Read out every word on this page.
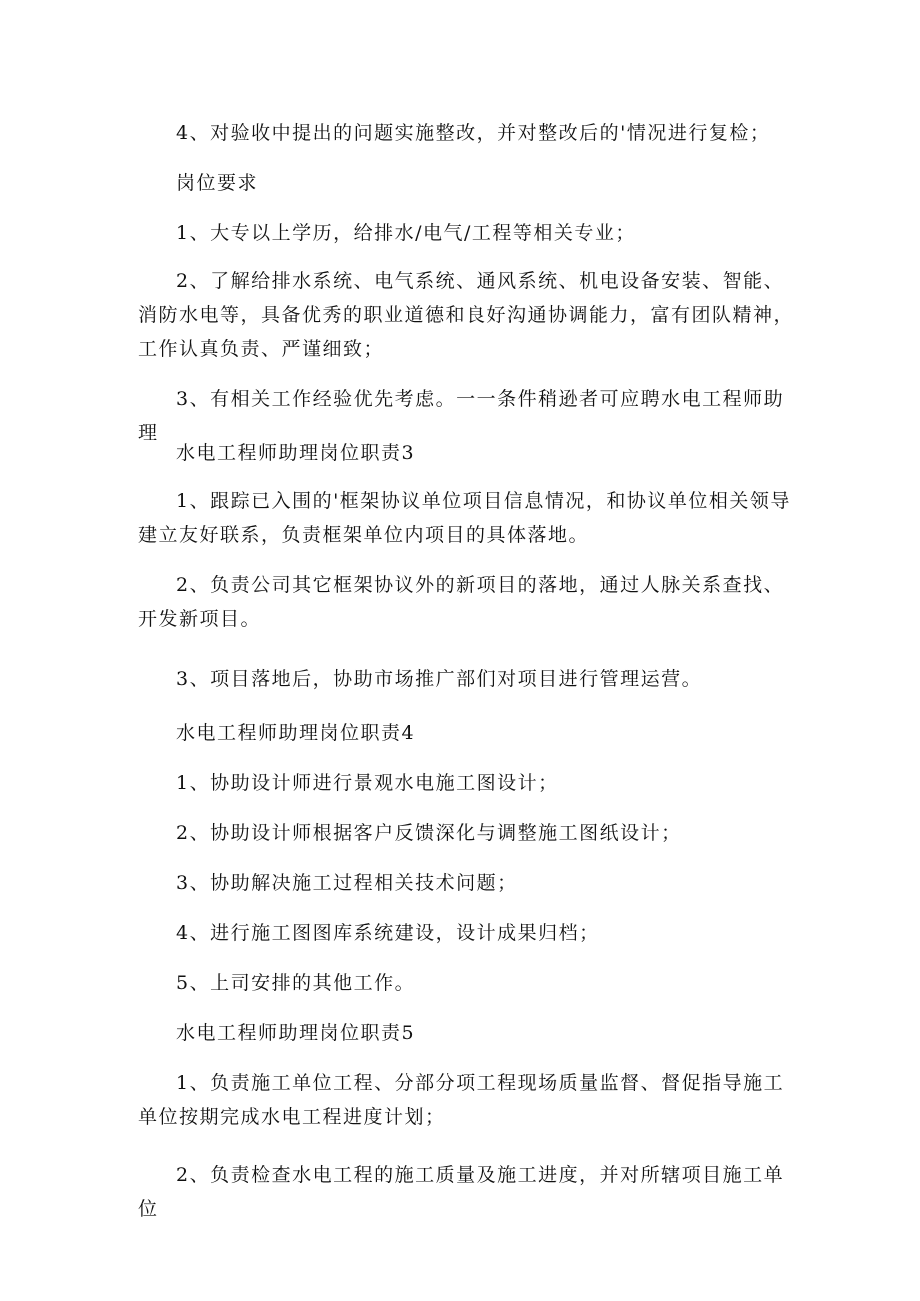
4、对验收中提出的问题实施整改，并对整改后的'情况进行复检；

岗位要求

1、大专以上学历，给排水/电气/工程等相关专业；

2、了解给排水系统、电气系统、通风系统、机电设备安装、智能、消防水电等，具备优秀的职业道德和良好沟通协调能力，富有团队精神，工作认真负责、严谨细致；

3、有相关工作经验优先考虑。一一条件稍逊者可应聘水电工程师助理

水电工程师助理岗位职责3

1、跟踪已入围的'框架协议单位项目信息情况，和协议单位相关领导建立友好联系，负责框架单位内项目的具体落地。

2、负责公司其它框架协议外的新项目的落地，通过人脉关系查找、开发新项目。

3、项目落地后，协助市场推广部们对项目进行管理运营。

水电工程师助理岗位职责4

1、协助设计师进行景观水电施工图设计；

2、协助设计师根据客户反馈深化与调整施工图纸设计；

3、协助解决施工过程相关技术问题；

4、进行施工图图库系统建设，设计成果归档；

5、上司安排的其他工作。

水电工程师助理岗位职责5

1、负责施工单位工程、分部分项工程现场质量监督、督促指导施工单位按期完成水电工程进度计划；

2、负责检查水电工程的施工质量及施工进度，并对所辖项目施工单位
